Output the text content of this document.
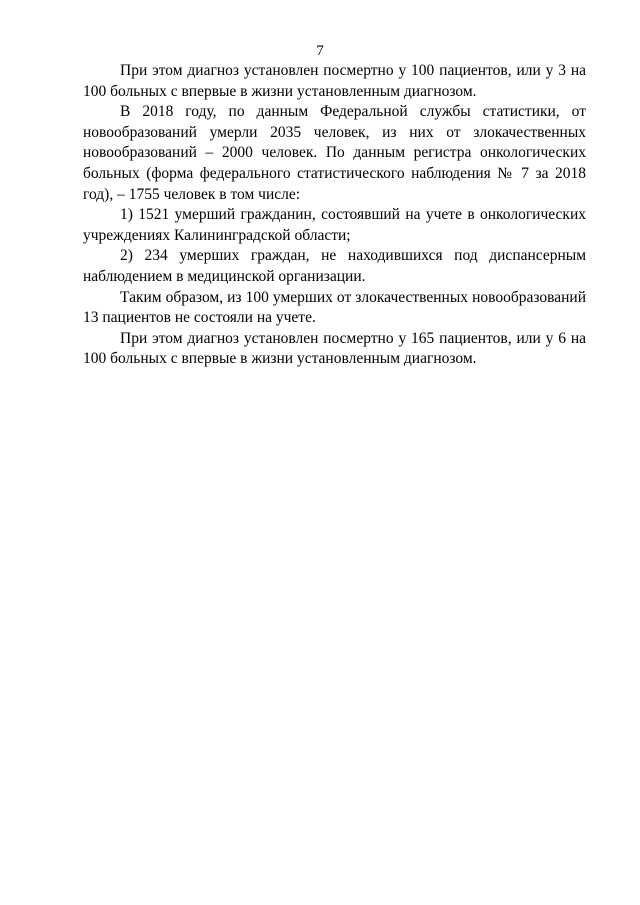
7

При этом диагноз установлен посмертно у 100 пациентов, или у 3 на 100 больных с впервые в жизни установленным диагнозом.

В 2018 году, по данным Федеральной службы статистики, от новообразований умерли 2035 человек, из них от злокачественных новообразований – 2000 человек. По данным регистра онкологических больных (форма федерального статистического наблюдения № 7 за 2018 год), – 1755 человек в том числе:

1) 1521 умерший гражданин, состоявший на учете в онкологических учреждениях Калининградской области;

2) 234 умерших граждан, не находившихся под диспансерным наблюдением в медицинской организации.

Таким образом, из 100 умерших от злокачественных новообразований 13 пациентов не состояли на учете.

При этом диагноз установлен посмертно у 165 пациентов, или у 6 на 100 больных с впервые в жизни установленным диагнозом.
